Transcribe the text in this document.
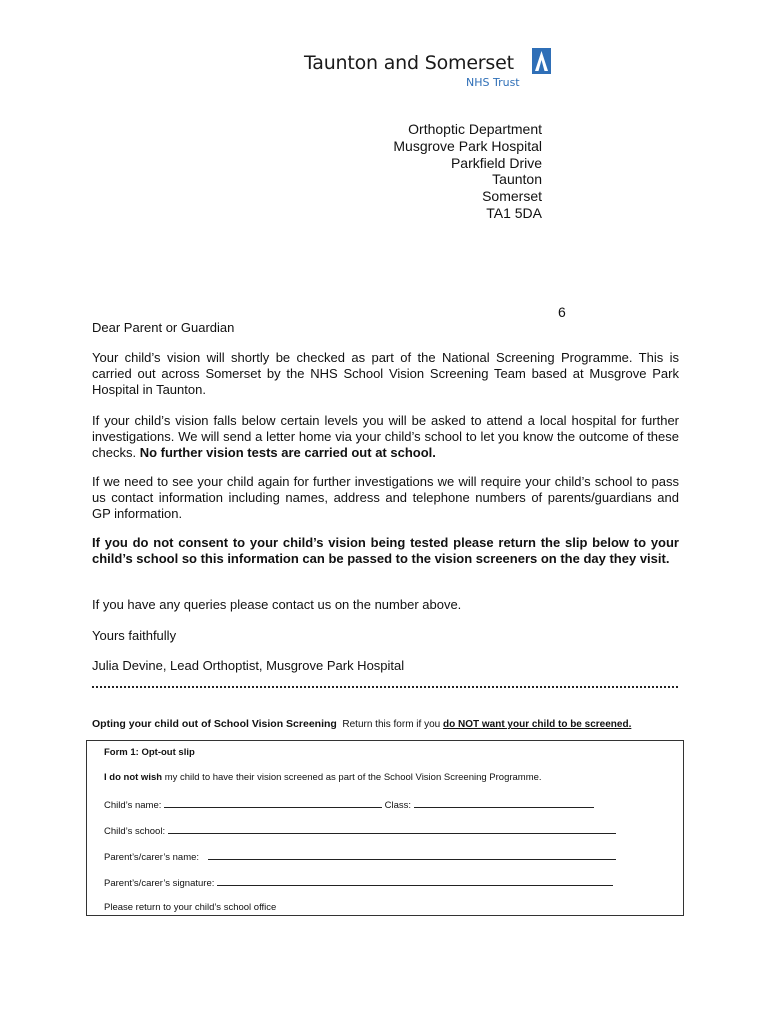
Taunton and Somerset
NHS Trust
Orthoptic Department
Musgrove Park Hospital
Parkfield Drive
Taunton
Somerset
TA1 5DA
6
Dear Parent or Guardian
Your child’s vision will shortly be checked as part of the National Screening Programme. This is carried out across Somerset by the NHS School Vision Screening Team based at Musgrove Park Hospital in Taunton.
If your child’s vision falls below certain levels you will be asked to attend a local hospital for further investigations. We will send a letter home via your child’s school to let you know the outcome of these checks. No further vision tests are carried out at school.
If we need to see your child again for further investigations we will require your child’s school to pass us contact information including names, address and telephone numbers of parents/guardians and GP information.
If you do not consent to your child’s vision being tested please return the slip below to your child’s school so this information can be passed to the vision screeners on the day they visit.
If you have any queries please contact us on the number above.
Yours faithfully
Julia Devine, Lead Orthoptist, Musgrove Park Hospital
Opting your child out of School Vision Screening Return this form if you do NOT want your child to be screened.
Form 1: Opt-out slip
I do not wish my child to have their vision screened as part of the School Vision Screening Programme.
Child’s name:	Class:
Child’s school:
Parent’s/carer’s name:
Parent’s/carer’s signature:
Please return to your child’s school office
